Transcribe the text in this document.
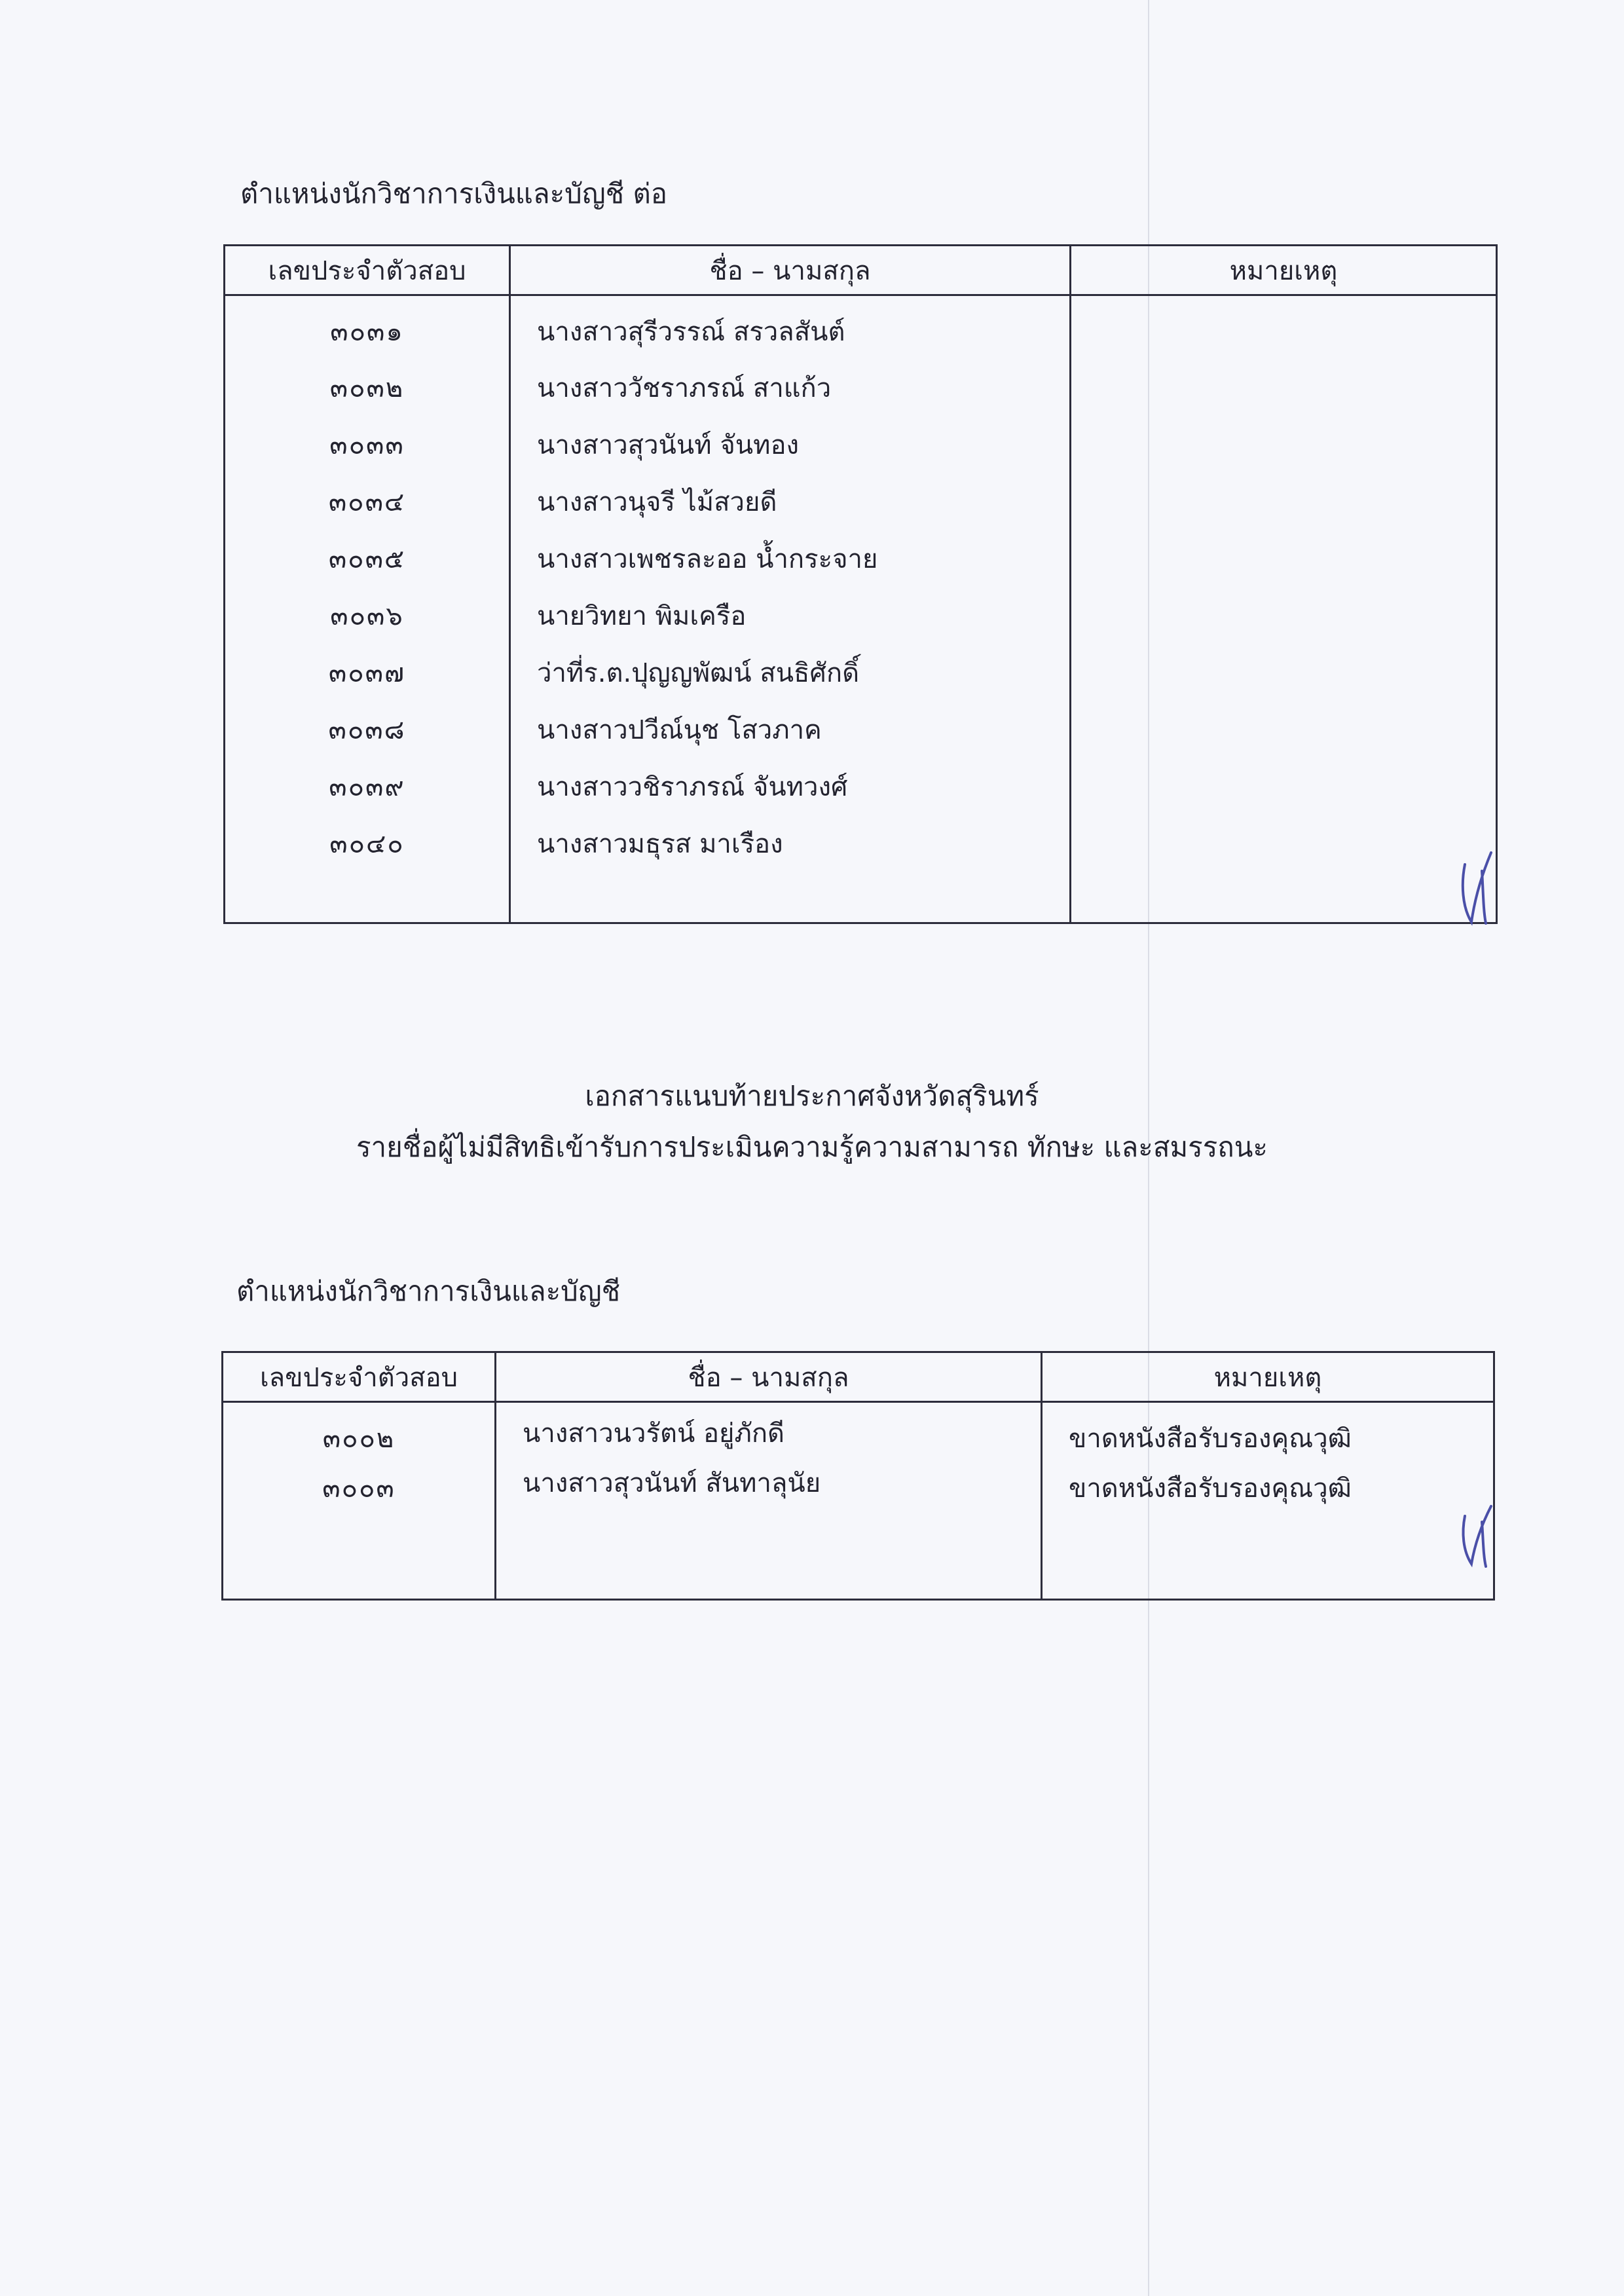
ตำแหน่งนักวิชาการเงินและบัญชี ต่อ
เลขประจำตัวสอบ	ชื่อ – นามสกุล	หมายเหตุ
๓๐๓๑	นางสาวสุรีวรรณ์ สรวลสันต์	
๓๐๓๒	นางสาววัชราภรณ์ สาแก้ว	
๓๐๓๓	นางสาวสุวนันท์ จันทอง	
๓๐๓๔	นางสาวนุจรี ไม้สวยดี	
๓๐๓๕	นางสาวเพชรละออ น้ำกระจาย	
๓๐๓๖	นายวิทยา พิมเครือ	
๓๐๓๗	ว่าที่ร.ต.ปุญญพัฒน์ สนธิศักดิ์	
๓๐๓๘	นางสาวปวีณ์นุช โสวภาค	
๓๐๓๙	นางสาววชิราภรณ์ จันทวงศ์	
๓๐๔๐	นางสาวมธุรส มาเรือง	
เอกสารแนบท้ายประกาศจังหวัดสุรินทร์
รายชื่อผู้ไม่มีสิทธิเข้ารับการประเมินความรู้ความสามารถ ทักษะ และสมรรถนะ
ตำแหน่งนักวิชาการเงินและบัญชี
เลขประจำตัวสอบ	ชื่อ – นามสกุล	หมายเหตุ
๓๐๐๒	นางสาวนวรัตน์ อยู่ภักดี	ขาดหนังสือรับรองคุณวุฒิ
๓๐๐๓	นางสาวสุวนันท์ สันทาลุนัย	ขาดหนังสือรับรองคุณวุฒิ
